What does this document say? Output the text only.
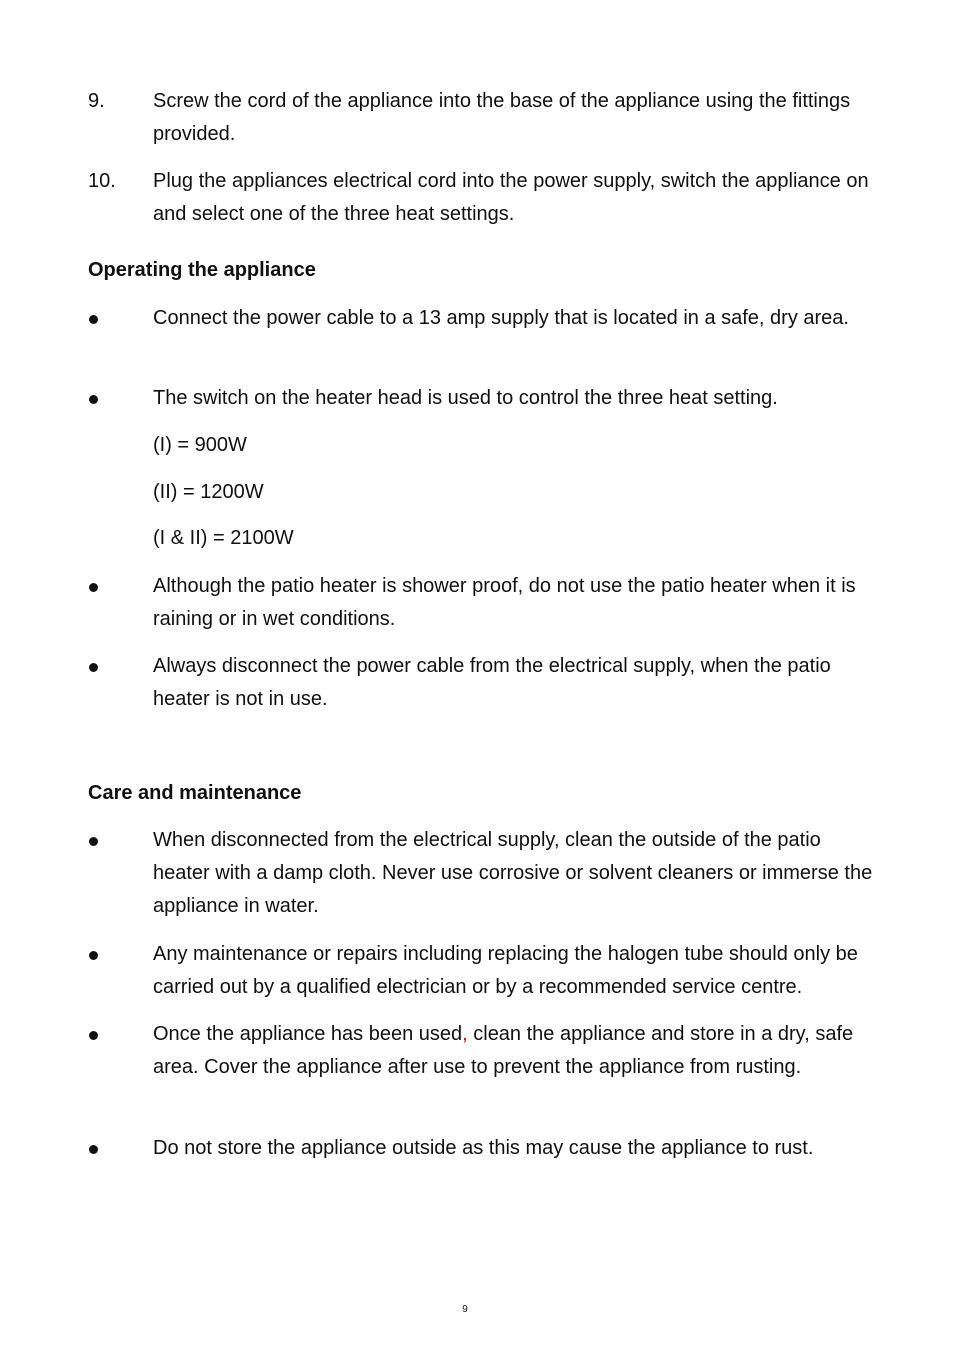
9.	Screw the cord of the appliance into the base of the appliance using the fittings provided.
10.	Plug the appliances electrical cord into the power supply, switch the appliance on and select one of the three heat settings.
Operating the appliance
Connect the power cable to a 13 amp supply that is located in a safe, dry area.
The switch on the heater head is used to control the three heat setting.
(I) = 900W
(II) = 1200W
(I & II) = 2100W
Although the patio heater is shower proof, do not use the patio heater when it is raining or in wet conditions.
Always disconnect the power cable from the electrical supply, when the patio heater is not in use.
Care and maintenance
When disconnected from the electrical supply, clean the outside of the patio heater with a damp cloth. Never use corrosive or solvent cleaners or immerse the appliance in water.
Any maintenance or repairs including replacing the halogen tube should only be carried out by a qualified electrician or by a recommended service centre.
Once the appliance has been used, clean the appliance and store in a dry, safe area. Cover the appliance after use to prevent the appliance from rusting.
Do not store the appliance outside as this may cause the appliance to rust.
9
